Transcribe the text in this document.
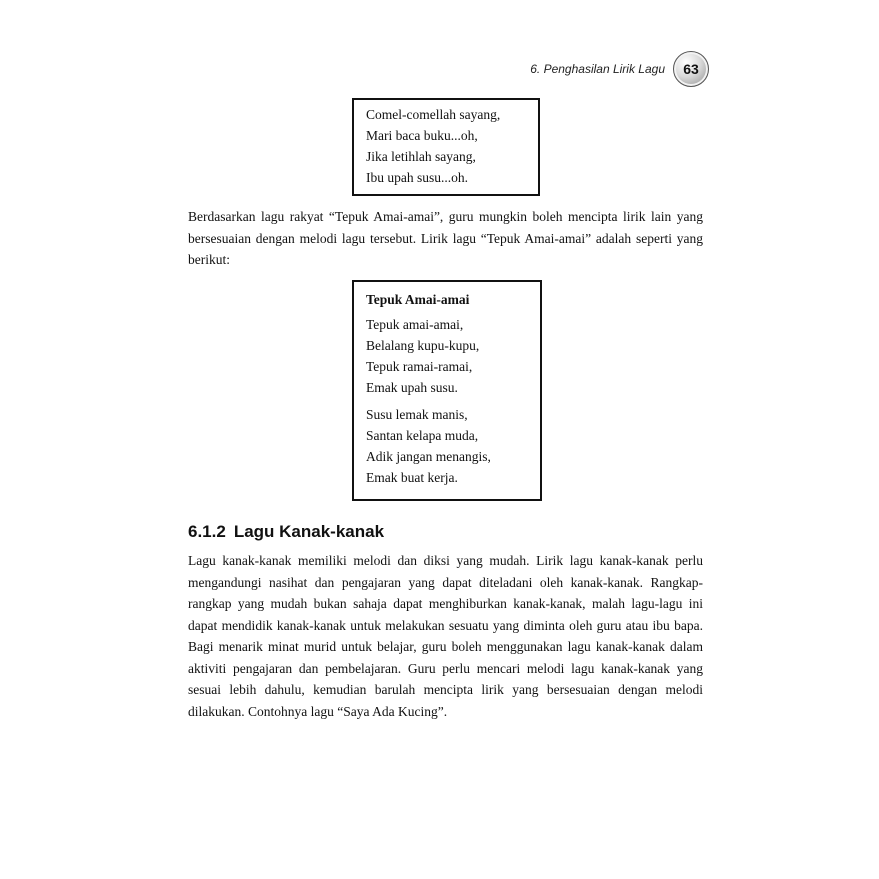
6. Penghasilan Lirik Lagu	63
Comel-comellah sayang,
Mari baca buku...oh,
Jika letihlah sayang,
Ibu upah susu...oh.

Berdasarkan lagu rakyat “Tepuk Amai-amai”, guru mungkin boleh mencipta lirik lain yang bersesuaian dengan melodi lagu tersebut. Lirik lagu “Tepuk Amai-amai” adalah seperti yang berikut:

Tepuk Amai-amai
Tepuk amai-amai,
Belalang kupu-kupu,
Tepuk ramai-ramai,
Emak upah susu.
Susu lemak manis,
Santan kelapa muda,
Adik jangan menangis,
Emak buat kerja.
6.1.2 Lagu Kanak-kanak

Lagu kanak-kanak memiliki melodi dan diksi yang mudah. Lirik lagu kanak-kanak perlu mengandungi nasihat dan pengajaran yang dapat diteladani oleh kanak-kanak. Rangkap-rangkap yang mudah bukan sahaja dapat menghiburkan kanak-kanak, malah lagu-lagu ini dapat mendidik kanak-kanak untuk melakukan sesuatu yang diminta oleh guru atau ibu bapa. Bagi menarik minat murid untuk belajar, guru boleh menggunakan lagu kanak-kanak dalam aktiviti pengajaran dan pembelajaran. Guru perlu mencari melodi lagu kanak-kanak yang sesuai lebih dahulu, kemudian barulah mencipta lirik yang bersesuaian dengan melodi dilakukan. Contohnya lagu “Saya Ada Kucing”.
